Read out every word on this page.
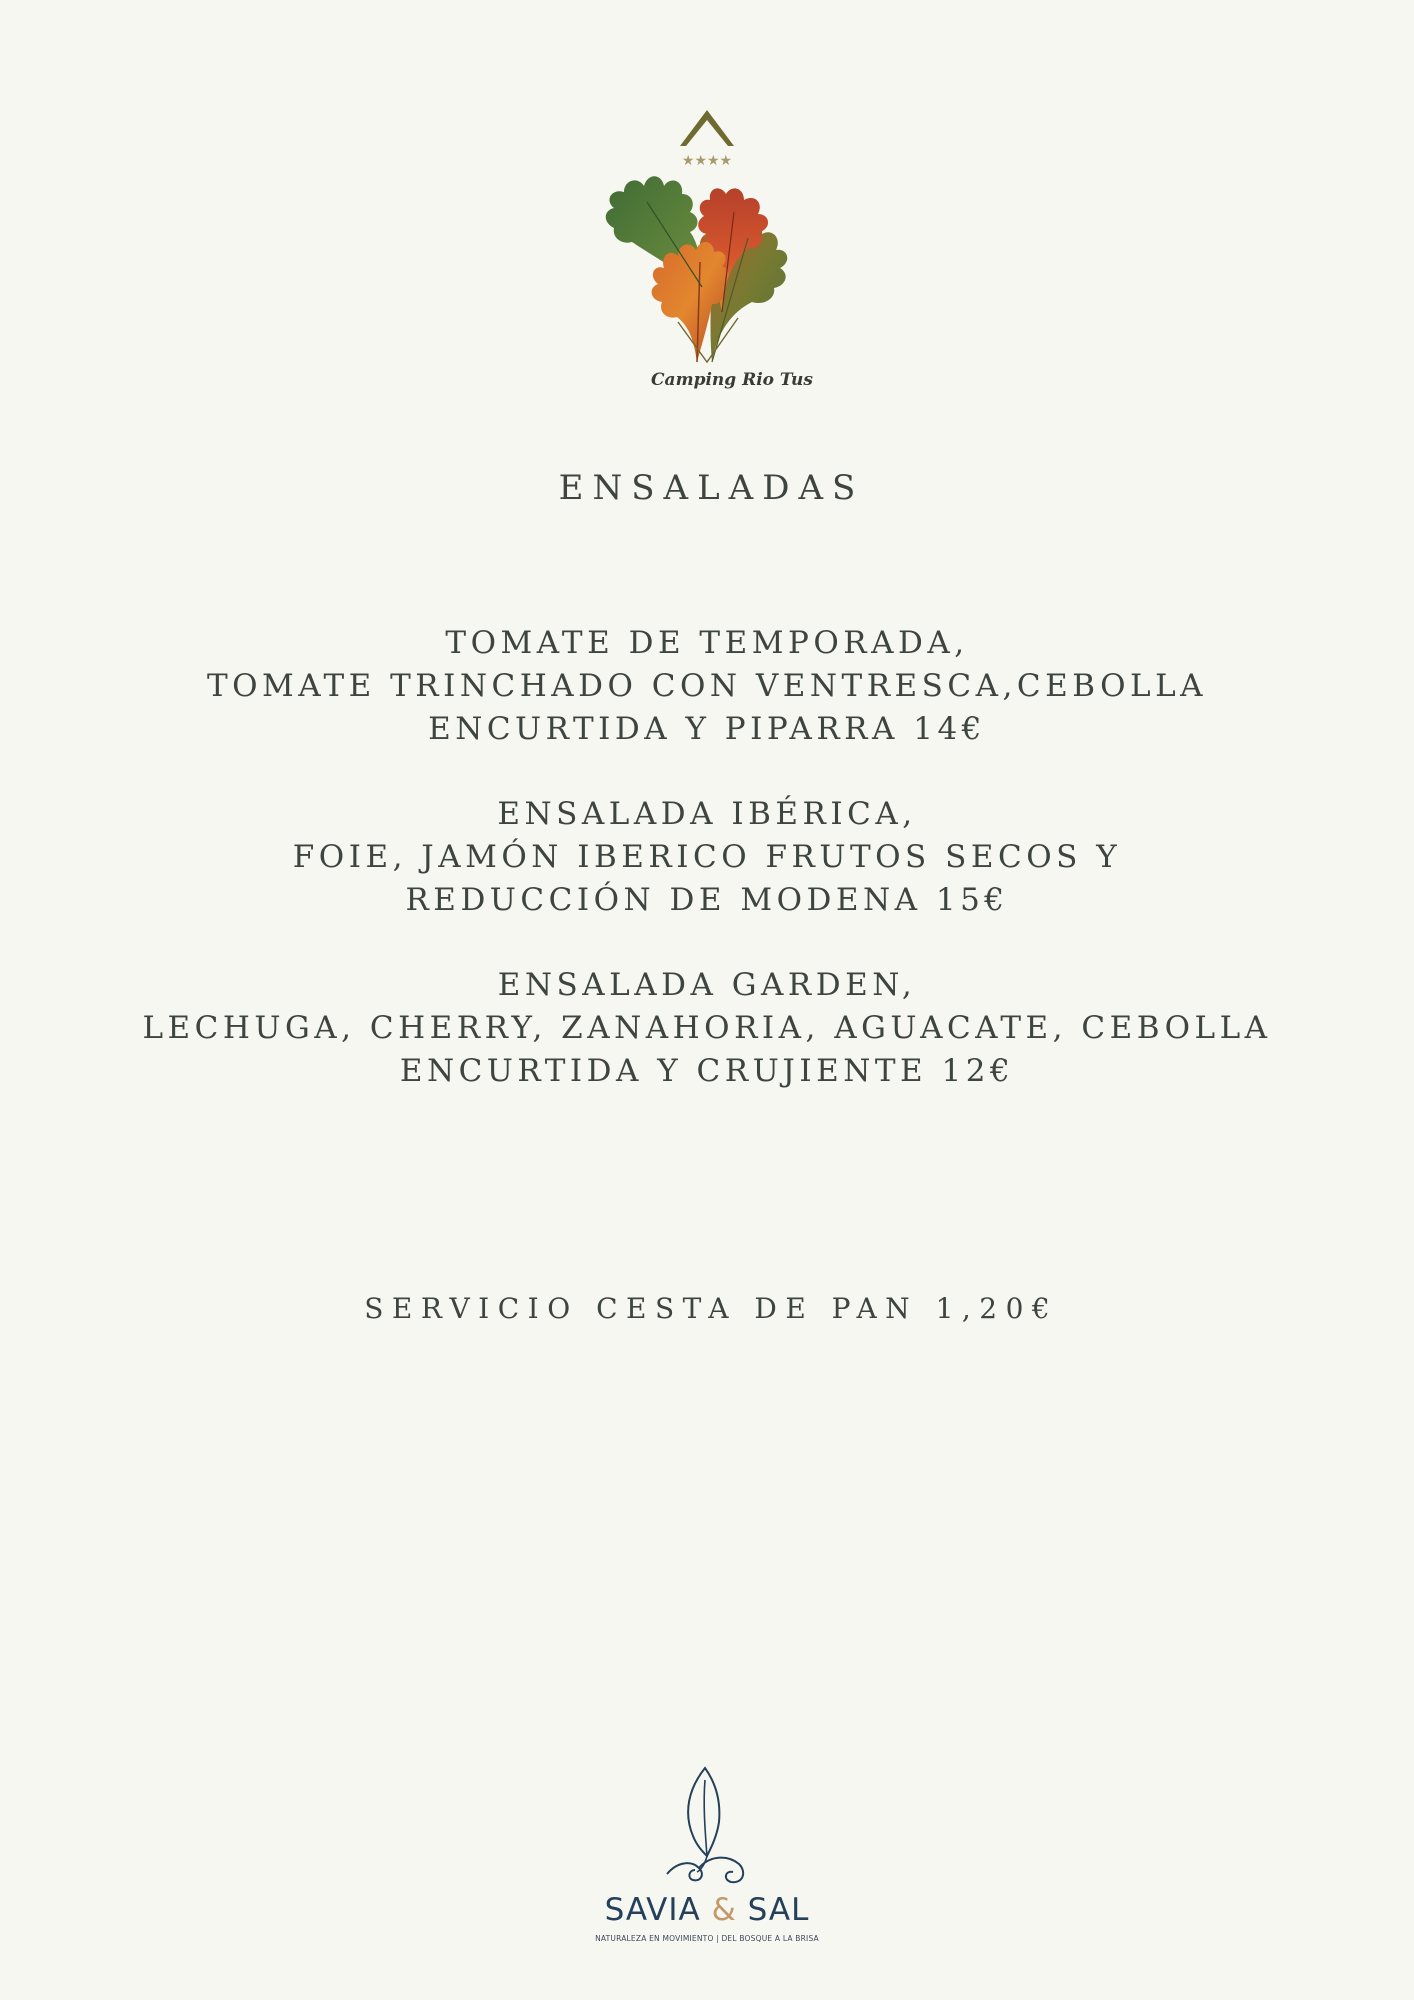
★★★★
Camping Rio Tus
ENSALADAS
TOMATE DE TEMPORADA,
TOMATE TRINCHADO CON VENTRESCA,CEBOLLA
ENCURTIDA Y PIPARRA 14€
ENSALADA IBÉRICA,
FOIE, JAMÓN IBERICO FRUTOS SECOS Y
REDUCCIÓN DE MODENA 15€
ENSALADA GARDEN,
LECHUGA, CHERRY, ZANAHORIA, AGUACATE, CEBOLLA
ENCURTIDA Y CRUJIENTE 12€
SERVICIO CESTA DE PAN 1,20€
SAVIA & SAL
NATURALEZA EN MOVIMIENTO | DEL BOSQUE A LA BRISA
